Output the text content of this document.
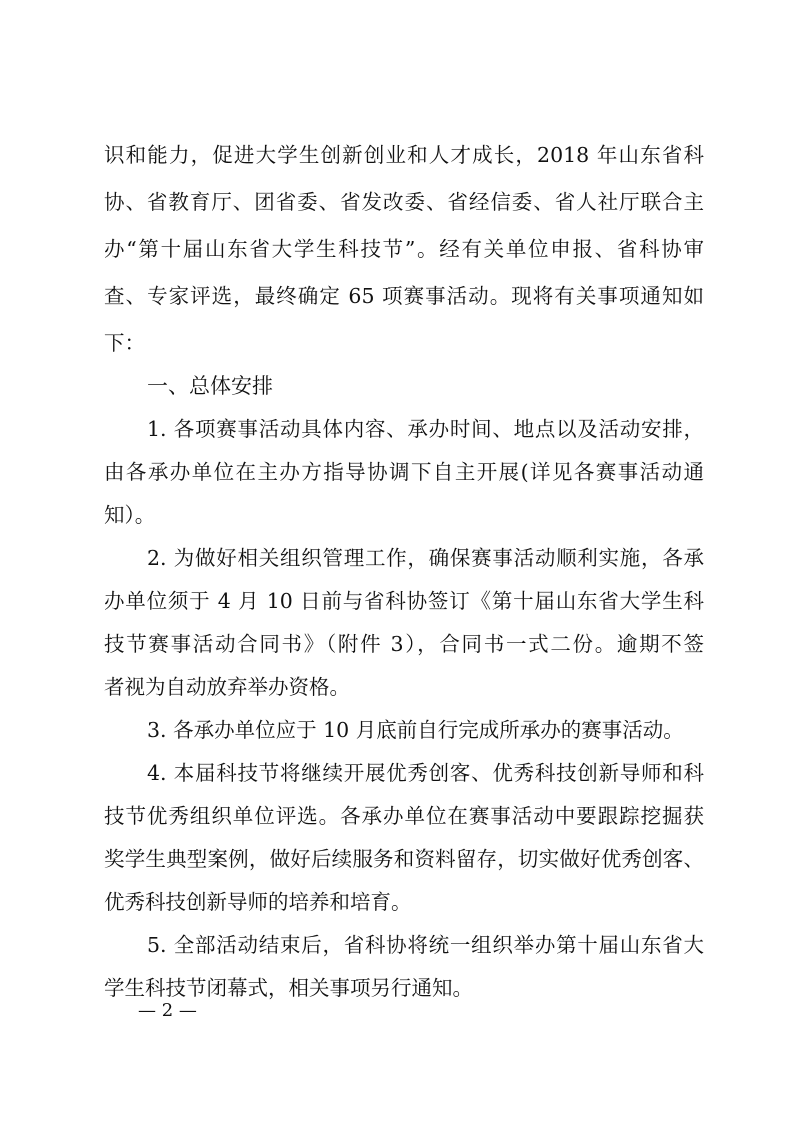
识和能力，促进大学生创新创业和人才成长，2018 年山东省科
协、省教育厅、团省委、省发改委、省经信委、省人社厅联合主
办“第十届山东省大学生科技节”。经有关单位申报、省科协审
查、专家评选，最终确定 65 项赛事活动。现将有关事项通知如
下：
一、总体安排
1. 各项赛事活动具体内容、承办时间、地点以及活动安排，
由各承办单位在主办方指导协调下自主开展(详见各赛事活动通
知）。
2. 为做好相关组织管理工作，确保赛事活动顺利实施，各承
办单位须于 4 月 10 日前与省科协签订《第十届山东省大学生科
技节赛事活动合同书》（附件 3），合同书一式二份。逾期不签
者视为自动放弃举办资格。
3. 各承办单位应于 10 月底前自行完成所承办的赛事活动。
4. 本届科技节将继续开展优秀创客、优秀科技创新导师和科
技节优秀组织单位评选。各承办单位在赛事活动中要跟踪挖掘获
奖学生典型案例，做好后续服务和资料留存，切实做好优秀创客、
优秀科技创新导师的培养和培育。
5. 全部活动结束后，省科协将统一组织举办第十届山东省大
学生科技节闭幕式，相关事项另行通知。
— 2 —
